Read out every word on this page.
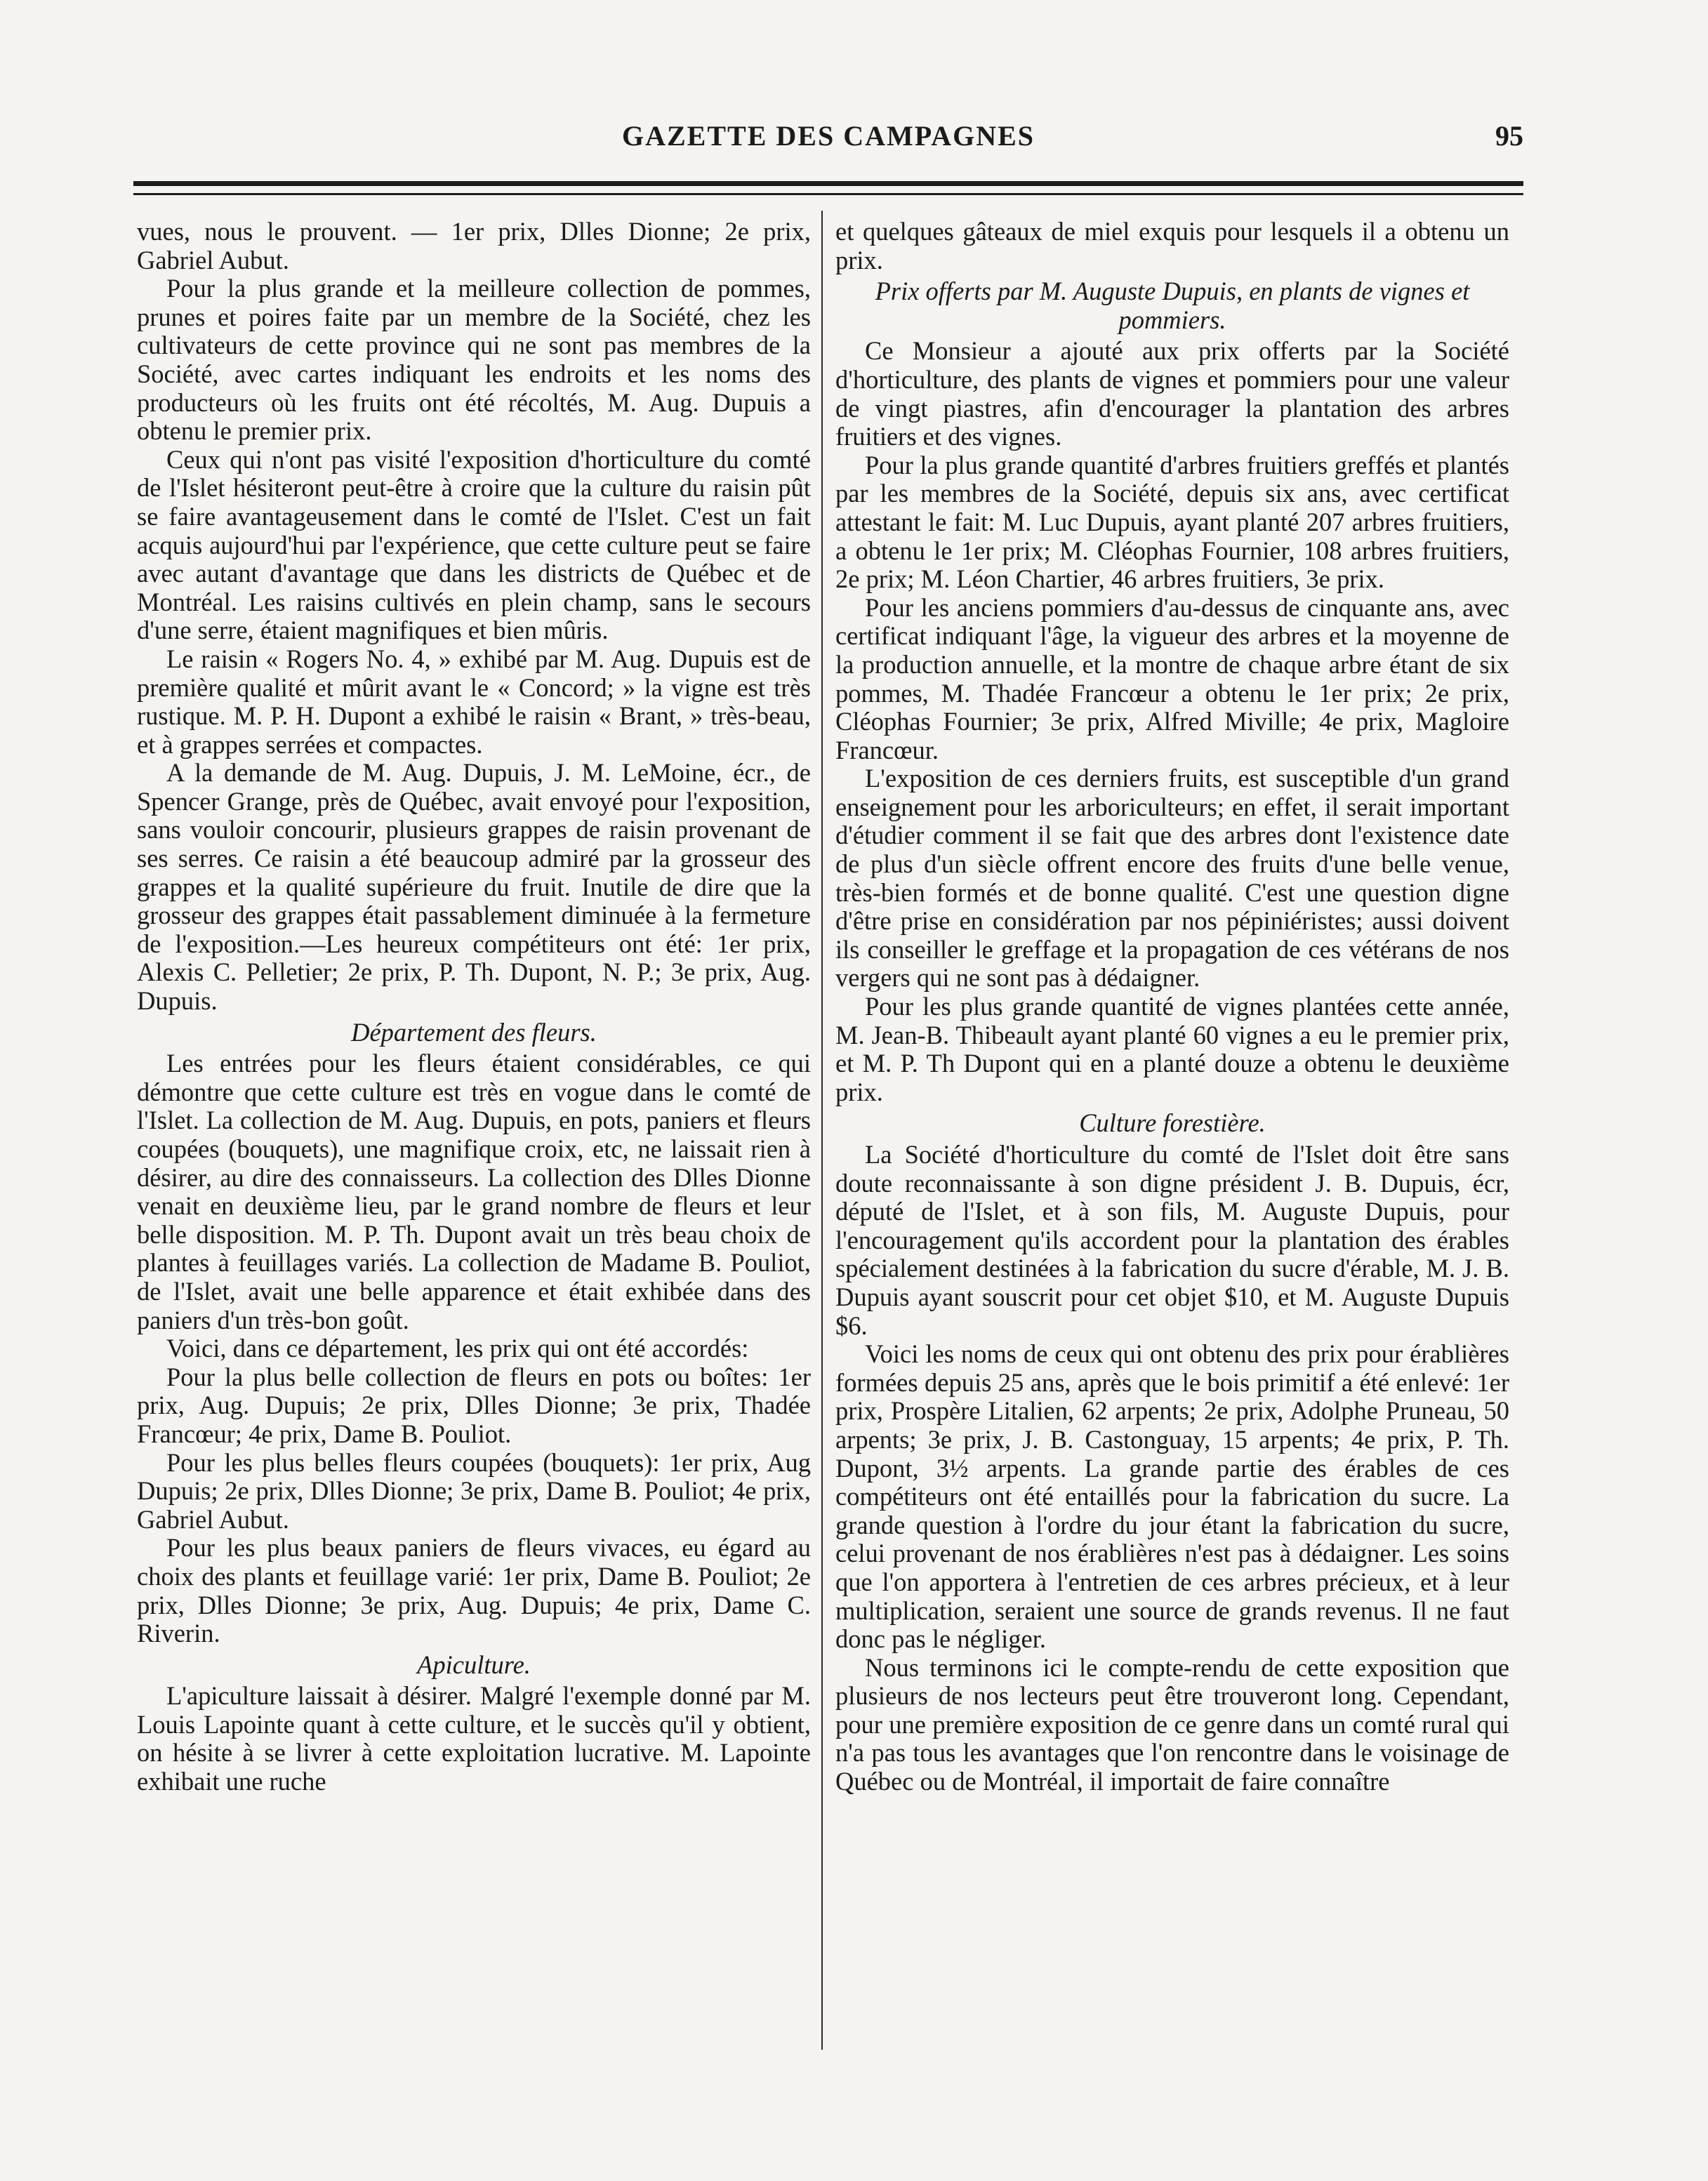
GAZETTE DES CAMPAGNES	95

vues, nous le prouvent. — 1er prix, Dlles Dionne; 2e prix, Gabriel Aubut.

Pour la plus grande et la meilleure collection de pommes, prunes et poires faite par un membre de la Société, chez les cultivateurs de cette province qui ne sont pas membres de la Société, avec cartes indiquant les endroits et les noms des producteurs où les fruits ont été récoltés, M. Aug. Dupuis a obtenu le premier prix.

Ceux qui n'ont pas visité l'exposition d'horticulture du comté de l'Islet hésiteront peut-être à croire que la culture du raisin pût se faire avantageusement dans le comté de l'Islet. C'est un fait acquis aujourd'hui par l'expérience, que cette culture peut se faire avec autant d'avantage que dans les districts de Québec et de Montréal. Les raisins cultivés en plein champ, sans le secours d'une serre, étaient magnifiques et bien mûris.

Le raisin « Rogers No. 4, » exhibé par M. Aug. Dupuis est de première qualité et mûrit avant le « Concord; » la vigne est très rustique. M. P. H. Dupont a exhibé le raisin « Brant, » très-beau, et à grappes serrées et compactes.

A la demande de M. Aug. Dupuis, J. M. LeMoine, écr., de Spencer Grange, près de Québec, avait envoyé pour l'exposition, sans vouloir concourir, plusieurs grappes de raisin provenant de ses serres. Ce raisin a été beaucoup admiré par la grosseur des grappes et la qualité supérieure du fruit. Inutile de dire que la grosseur des grappes était passablement diminuée à la fermeture de l'exposition.—Les heureux compétiteurs ont été: 1er prix, Alexis C. Pelletier; 2e prix, P. Th. Dupont, N. P.; 3e prix, Aug. Dupuis.

Département des fleurs.

Les entrées pour les fleurs étaient considérables, ce qui démontre que cette culture est très en vogue dans le comté de l'Islet. La collection de M. Aug. Dupuis, en pots, paniers et fleurs coupées (bouquets), une magnifique croix, etc, ne laissait rien à désirer, au dire des connaisseurs. La collection des Dlles Dionne venait en deuxième lieu, par le grand nombre de fleurs et leur belle disposition. M. P. Th. Dupont avait un très beau choix de plantes à feuillages variés. La collection de Madame B. Pouliot, de l'Islet, avait une belle apparence et était exhibée dans des paniers d'un très-bon goût.

Voici, dans ce département, les prix qui ont été accordés:

Pour la plus belle collection de fleurs en pots ou boîtes: 1er prix, Aug. Dupuis; 2e prix, Dlles Dionne; 3e prix, Thadée Francœur; 4e prix, Dame B. Pouliot.

Pour les plus belles fleurs coupées (bouquets): 1er prix, Aug Dupuis; 2e prix, Dlles Dionne; 3e prix, Dame B. Pouliot; 4e prix, Gabriel Aubut.

Pour les plus beaux paniers de fleurs vivaces, eu égard au choix des plants et feuillage varié: 1er prix, Dame B. Pouliot; 2e prix, Dlles Dionne; 3e prix, Aug. Dupuis; 4e prix, Dame C. Riverin.

Apiculture.

L'apiculture laissait à désirer. Malgré l'exemple donné par M. Louis Lapointe quant à cette culture, et le succès qu'il y obtient, on hésite à se livrer à cette exploitation lucrative. M. Lapointe exhibait une ruche

et quelques gâteaux de miel exquis pour lesquels il a obtenu un prix.

Prix offerts par M. Auguste Dupuis, en plants de vignes et pommiers.

Ce Monsieur a ajouté aux prix offerts par la Société d'horticulture, des plants de vignes et pommiers pour une valeur de vingt piastres, afin d'encourager la plantation des arbres fruitiers et des vignes.

Pour la plus grande quantité d'arbres fruitiers greffés et plantés par les membres de la Société, depuis six ans, avec certificat attestant le fait: M. Luc Dupuis, ayant planté 207 arbres fruitiers, a obtenu le 1er prix; M. Cléophas Fournier, 108 arbres fruitiers, 2e prix; M. Léon Chartier, 46 arbres fruitiers, 3e prix.

Pour les anciens pommiers d'au-dessus de cinquante ans, avec certificat indiquant l'âge, la vigueur des arbres et la moyenne de la production annuelle, et la montre de chaque arbre étant de six pommes, M. Thadée Francœur a obtenu le 1er prix; 2e prix, Cléophas Fournier; 3e prix, Alfred Miville; 4e prix, Magloire Francœur.

L'exposition de ces derniers fruits, est susceptible d'un grand enseignement pour les arboriculteurs; en effet, il serait important d'étudier comment il se fait que des arbres dont l'existence date de plus d'un siècle offrent encore des fruits d'une belle venue, très-bien formés et de bonne qualité. C'est une question digne d'être prise en considération par nos pépiniéristes; aussi doivent ils conseiller le greffage et la propagation de ces vétérans de nos vergers qui ne sont pas à dédaigner.

Pour les plus grande quantité de vignes plantées cette année, M. Jean-B. Thibeault ayant planté 60 vignes a eu le premier prix, et M. P. Th Dupont qui en a planté douze a obtenu le deuxième prix.

Culture forestière.

La Société d'horticulture du comté de l'Islet doit être sans doute reconnaissante à son digne président J. B. Dupuis, écr, député de l'Islet, et à son fils, M. Auguste Dupuis, pour l'encouragement qu'ils accordent pour la plantation des érables spécialement destinées à la fabrication du sucre d'érable, M. J. B. Dupuis ayant souscrit pour cet objet $10, et M. Auguste Dupuis $6.

Voici les noms de ceux qui ont obtenu des prix pour érablières formées depuis 25 ans, après que le bois primitif a été enlevé: 1er prix, Prospère Litalien, 62 arpents; 2e prix, Adolphe Pruneau, 50 arpents; 3e prix, J. B. Castonguay, 15 arpents; 4e prix, P. Th. Dupont, 3½ arpents. La grande partie des érables de ces compétiteurs ont été entaillés pour la fabrication du sucre. La grande question à l'ordre du jour étant la fabrication du sucre, celui provenant de nos érablières n'est pas à dédaigner. Les soins que l'on apportera à l'entretien de ces arbres précieux, et à leur multiplication, seraient une source de grands revenus. Il ne faut donc pas le négliger.

Nous terminons ici le compte-rendu de cette exposition que plusieurs de nos lecteurs peut être trouveront long. Cependant, pour une première exposition de ce genre dans un comté rural qui n'a pas tous les avantages que l'on rencontre dans le voisinage de Québec ou de Montréal, il importait de faire connaître
